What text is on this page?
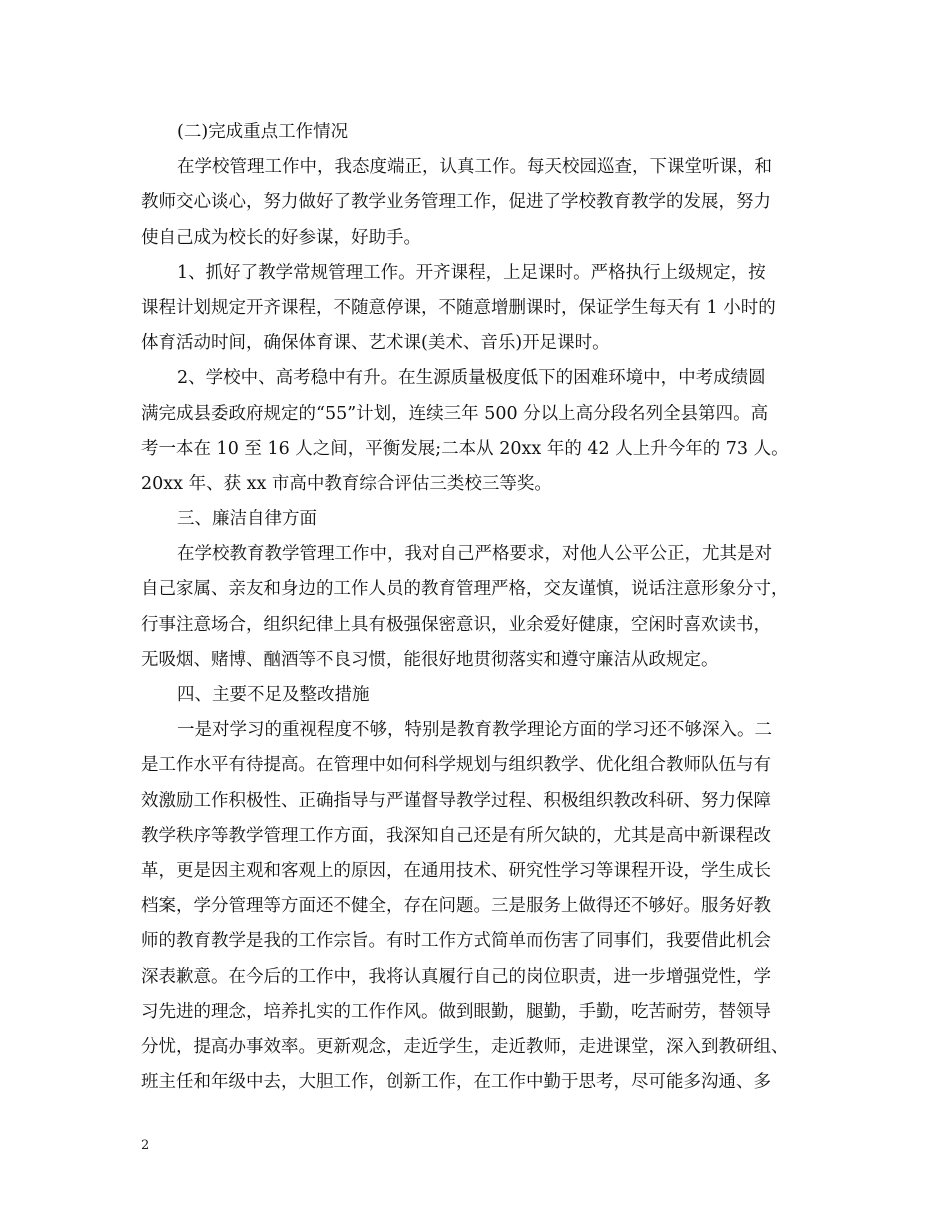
(二)完成重点工作情况
在学校管理工作中，我态度端正，认真工作。每天校园巡查，下课堂听课，和
教师交心谈心，努力做好了教学业务管理工作，促进了学校教育教学的发展，努力
使自己成为校长的好参谋，好助手。
1、抓好了教学常规管理工作。开齐课程，上足课时。严格执行上级规定，按
课程计划规定开齐课程，不随意停课，不随意增删课时，保证学生每天有 1 小时的
体育活动时间，确保体育课、艺术课(美术、音乐)开足课时。
2、学校中、高考稳中有升。在生源质量极度低下的困难环境中，中考成绩圆
满完成县委政府规定的“55”计划，连续三年 500 分以上高分段名列全县第四。高
考一本在 10 至 16 人之间，平衡发展;二本从 20xx 年的 42 人上升今年的 73 人。
20xx 年、获 xx 市高中教育综合评估三类校三等奖。
三、廉洁自律方面
在学校教育教学管理工作中，我对自己严格要求，对他人公平公正，尤其是对
自己家属、亲友和身边的工作人员的教育管理严格，交友谨慎，说话注意形象分寸，
行事注意场合，组织纪律上具有极强保密意识，业余爱好健康，空闲时喜欢读书，
无吸烟、赌博、酗酒等不良习惯，能很好地贯彻落实和遵守廉洁从政规定。
四、主要不足及整改措施
一是对学习的重视程度不够，特别是教育教学理论方面的学习还不够深入。二
是工作水平有待提高。在管理中如何科学规划与组织教学、优化组合教师队伍与有
效激励工作积极性、正确指导与严谨督导教学过程、积极组织教改科研、努力保障
教学秩序等教学管理工作方面，我深知自己还是有所欠缺的，尤其是高中新课程改
革，更是因主观和客观上的原因，在通用技术、研究性学习等课程开设，学生成长
档案，学分管理等方面还不健全，存在问题。三是服务上做得还不够好。服务好教
师的教育教学是我的工作宗旨。有时工作方式简单而伤害了同事们，我要借此机会
深表歉意。在今后的工作中，我将认真履行自己的岗位职责，进一步增强党性，学
习先进的理念，培养扎实的工作作风。做到眼勤，腿勤，手勤，吃苦耐劳，替领导
分忧，提高办事效率。更新观念，走近学生，走近教师，走进课堂，深入到教研组、
班主任和年级中去，大胆工作，创新工作，在工作中勤于思考，尽可能多沟通、多
2
